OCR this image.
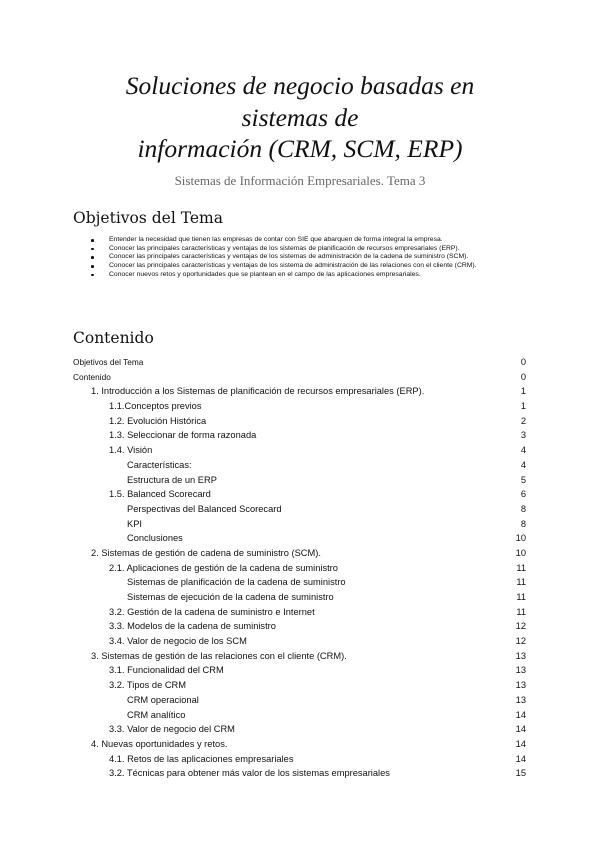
Soluciones de negocio basadas en
sistemas de
información (CRM, SCM, ERP)
Sistemas de Información Empresariales. Tema 3
Objetivos del Tema
Entender la necesidad que tienen las empresas de contar con SIE que abarquen de forma integral la empresa.
Conocer las principales características y ventajas de los sistemas de planificación de recursos empresariales (ERP).
Conocer las principales características y ventajas de los sistemas de administración de la cadena de suministro (SCM).
Conocer las principales características y ventajas de los sistema de administración de las relaciones con el cliente (CRM).
Conocer nuevos retos y oportunidades que se plantean en el campo de las aplicaciones empresariales.
Contenido
Objetivos del Tema	0
Contenido	0
1. Introducción a los Sistemas de planificación de recursos empresariales (ERP).	1
1.1.Conceptos previos	1
1.2. Evolución Histórica	2
1.3. Seleccionar de forma razonada	3
1.4. Visión	4
Características:	4
Estructura de un ERP	5
1.5. Balanced Scorecard	6
Perspectivas del Balanced Scorecard	8
KPI	8
Conclusiones	10
2. Sistemas de gestión de cadena de suministro (SCM).	10
2.1. Aplicaciones de gestión de la cadena de suministro	11
Sistemas de planificación de la cadena de suministro	11
Sistemas de ejecución de la cadena de suministro	11
3.2. Gestión de la cadena de suministro e Internet	11
3.3. Modelos de la cadena de suministro	12
3.4. Valor de negocio de los SCM	12
3. Sistemas de gestión de las relaciones con el cliente (CRM).	13
3.1. Funcionalidad del CRM	13
3.2. Tipos de CRM	13
CRM operacional	13
CRM analítico	14
3.3. Valor de negocio del CRM	14
4. Nuevas oportunidades y retos.	14
4.1. Retos de las aplicaciones empresariales	14
3.2. Técnicas para obtener más valor de los sistemas empresariales	15
